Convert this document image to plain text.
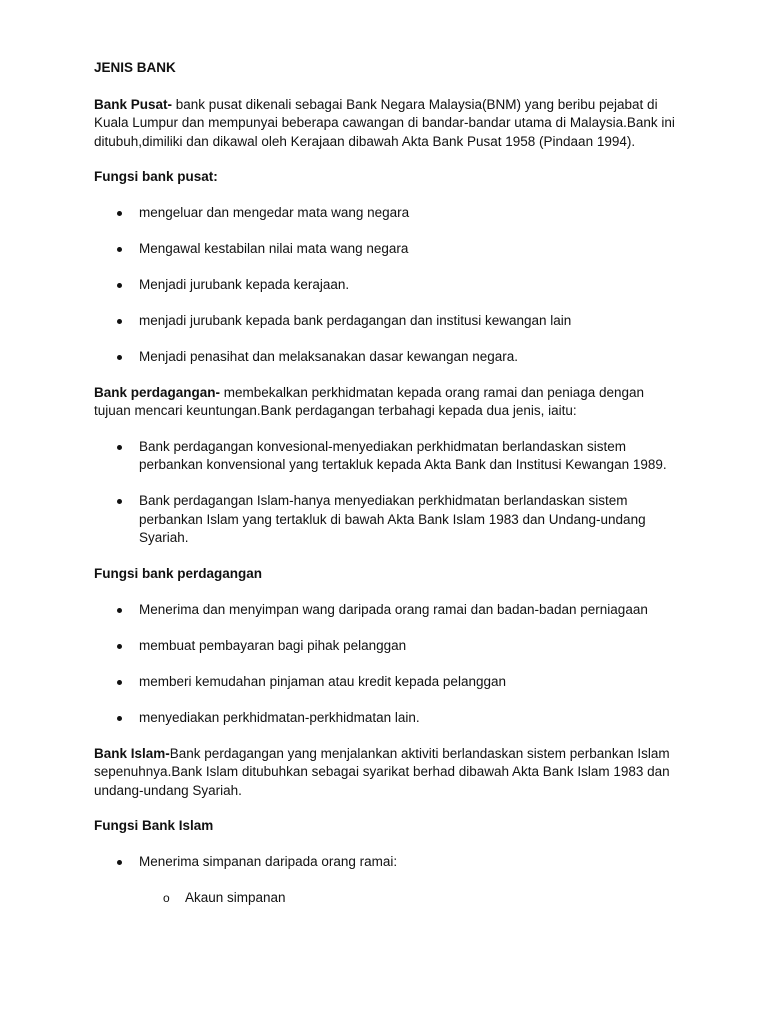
JENIS BANK

Bank Pusat- bank pusat dikenali sebagai Bank Negara Malaysia(BNM) yang beribu pejabat di Kuala Lumpur dan mempunyai beberapa cawangan di bandar-bandar utama di Malaysia.Bank ini ditubuh,dimiliki dan dikawal oleh Kerajaan dibawah Akta Bank Pusat 1958 (Pindaan 1994).

Fungsi bank pusat:

mengeluar dan mengedar mata wang negara
Mengawal kestabilan nilai mata wang negara
Menjadi jurubank kepada kerajaan.
menjadi jurubank kepada bank perdagangan dan institusi kewangan lain
Menjadi penasihat dan melaksanakan dasar kewangan negara.

Bank perdagangan- membekalkan perkhidmatan kepada orang ramai dan peniaga dengan tujuan mencari keuntungan.Bank perdagangan terbahagi kepada dua jenis, iaitu:

Bank perdagangan konvesional-menyediakan perkhidmatan berlandaskan sistem perbankan konvensional yang tertakluk kepada Akta Bank dan Institusi Kewangan 1989.
Bank perdagangan Islam-hanya menyediakan perkhidmatan berlandaskan sistem perbankan Islam yang tertakluk di bawah Akta Bank Islam 1983 dan Undang-undang Syariah.

Fungsi bank perdagangan

Menerima dan menyimpan wang daripada orang ramai dan badan-badan perniagaan
membuat pembayaran bagi pihak pelanggan
memberi kemudahan pinjaman atau kredit kepada pelanggan
menyediakan perkhidmatan-perkhidmatan lain.

Bank Islam-Bank perdagangan yang menjalankan aktiviti berlandaskan sistem perbankan Islam sepenuhnya.Bank Islam ditubuhkan sebagai syarikat berhad dibawah Akta Bank Islam 1983 dan undang-undang Syariah.

Fungsi Bank Islam

Menerima simpanan daripada orang ramai:
o Akaun simpanan
